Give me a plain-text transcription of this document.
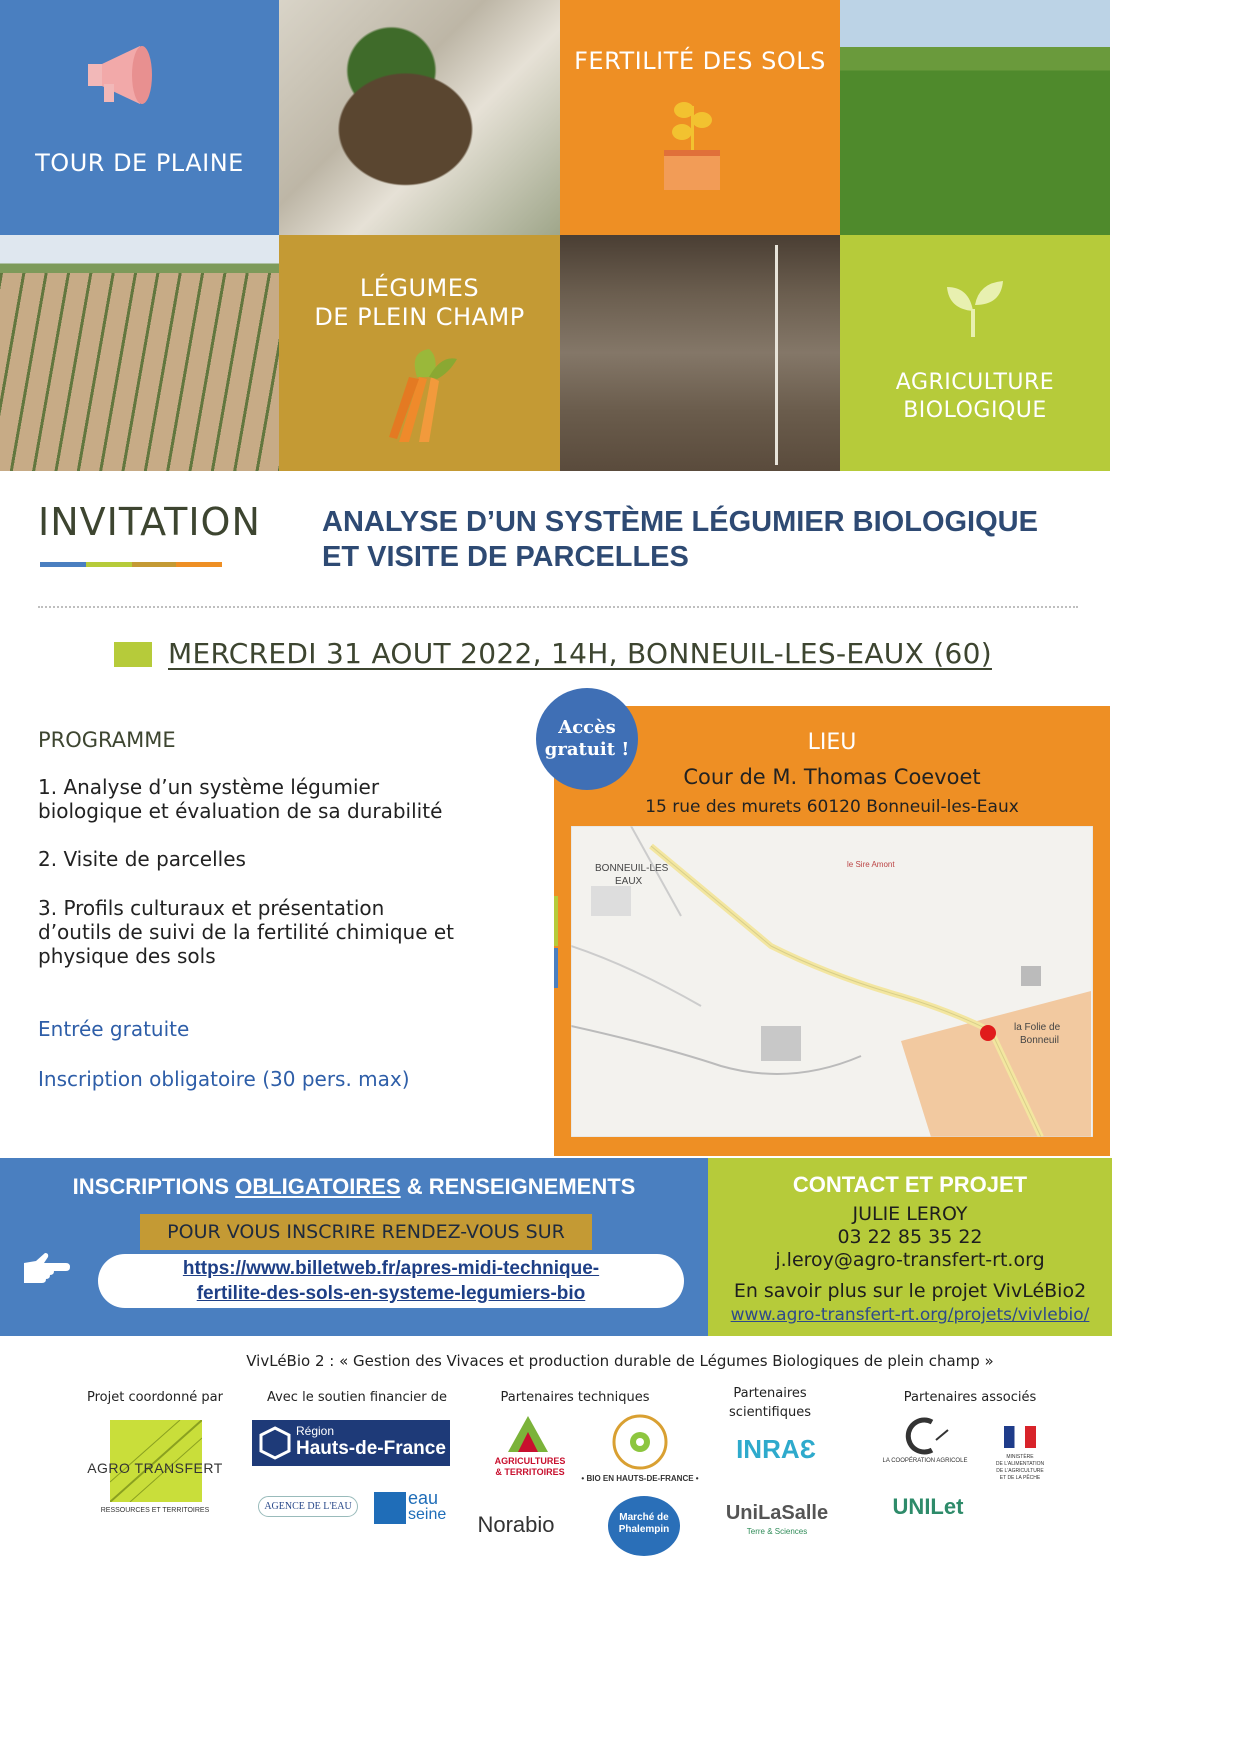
TOUR DE PLAINE
FERTILITÉ DES SOLS
LÉGUMES
DE PLEIN CHAMP
AGRICULTURE
BIOLOGIQUE
INVITATION ANALYSE D’UN SYSTÈME LÉGUMIER BIOLOGIQUE
ET VISITE DE PARCELLES
MERCREDI 31 AOUT 2022, 14H, BONNEUIL-LES-EAUX (60)
PROGRAMME
1. Analyse d’un système légumier
biologique et évaluation de sa durabilité
2. Visite de parcelles
3. Profils culturaux et présentation
d’outils de suivi de la fertilité chimique et
physique des sols
Entrée gratuite
Inscription obligatoire (30 pers. max)
Accès
gratuit !	LIEU
Cour de M. Thomas Coevoet
15 rue des murets 60120 Bonneuil-les-Eaux
BONNEUIL-LES
EAUX
le Sire Amont
la Folie de
Bonneuil
INSCRIPTIONS OBLIGATOIRES & RENSEIGNEMENTS
POUR VOUS INSCRIRE RENDEZ-VOUS SUR
https://www.billetweb.fr/apres-midi-technique-
fertilite-des-sols-en-systeme-legumiers-bio
CONTACT ET PROJET
JULIE LEROY
03 22 85 35 22
j.leroy@agro-transfert-rt.org
En savoir plus sur le projet VivLéBio2
www.agro-transfert-rt.org/projets/vivlebio/
VivLéBio 2 : « Gestion des Vivaces et production durable de Légumes Biologiques de plein champ »
Projet coordonné par	Avec le soutien financier de	Partenaires techniques	Partenaires
scientifiques
Partenaires associés
AGRO TRANSFERT
RESSOURCES ET TERRITOIRES
Région
Hauts-de-France
AGENCE DE L'EAU	eau
seine
AGRICULTURES
& TERRITOIRES
• BIO EN HAUTS-DE-FRANCE •
Norabio	Marché de Phalempin
INRAƐ
UniLaSalle
Terre & Sciences
LA COOPÉRATION AGRICOLE
MINISTÈRE
DE L'ALIMENTATION
DE L'AGRICULTURE
ET DE LA PÊCHE
UNILet
